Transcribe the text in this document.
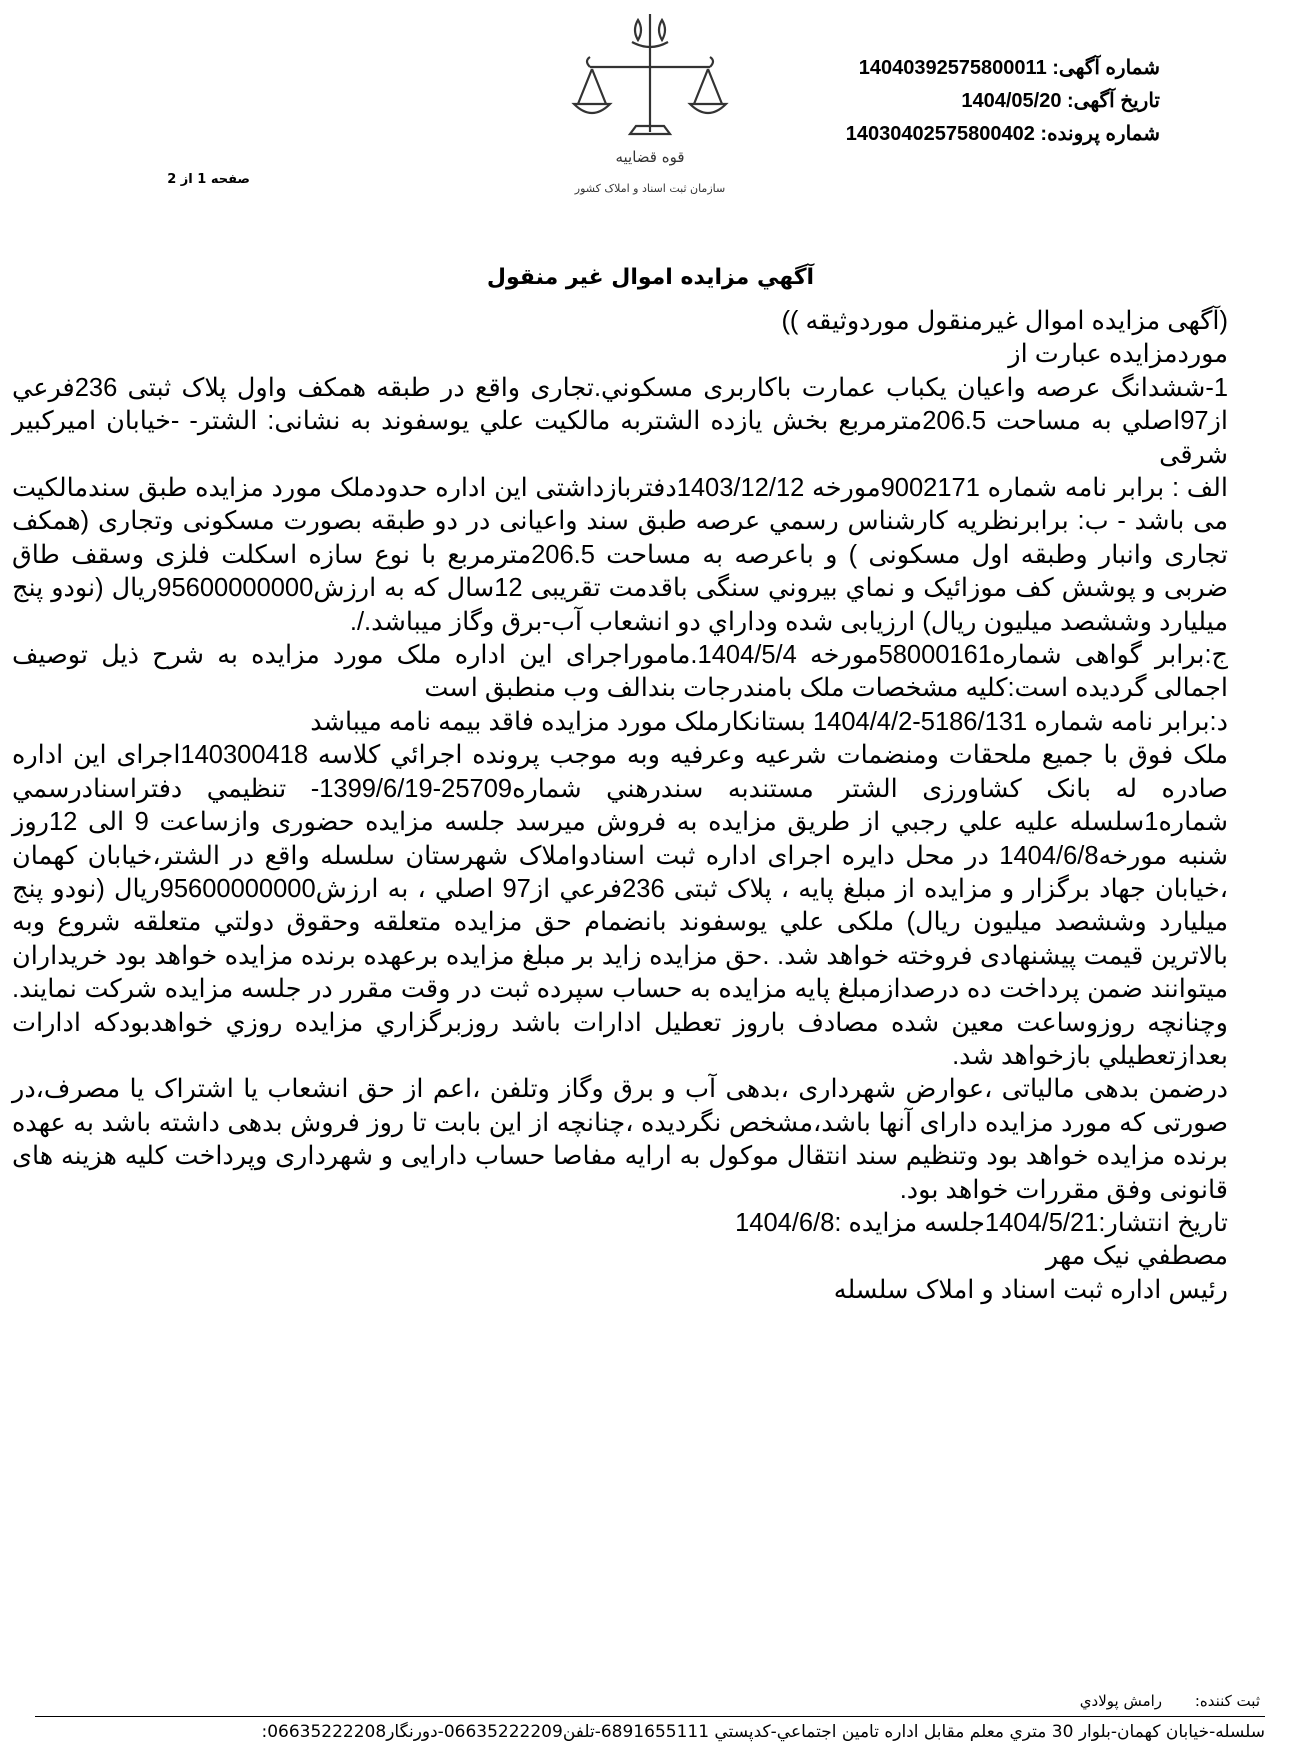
شماره آگهی: 14040392575800011
تاریخ آگهی: 1404/05/20
شماره پرونده: 14030402575800402
صفحه 1 از 2
قوه قضاییه
سازمان ثبت اسناد و املاک کشور
آگهي مزايده اموال غير منقول

(آگهی مزایده اموال غیرمنقول موردوثیقه ))

موردمزایده عبارت از

1-ششدانگ عرصه واعيان يكباب عمارت باكاربری مسکوني.تجاری واقع در طبقه همكف واول پلاک ثبتی 236فرعي از97اصلي به مساحت 206.5مترمربع بخش يازده الشتربه مالكيت علي يوسفوند به نشانی: الشتر- -خيابان اميركبير شرقی

الف : برابر نامه شماره 9002171مورخه 1403/12/12دفتربازداشتی اين اداره حدودملک مورد مزايده طبق سندمالكيت می باشد - ب: برابرنظريه كارشناس رسمي عرصه طبق سند واعيانی در دو طبقه بصورت مسکونی وتجاری (همكف تجاری وانبار وطبقه اول مسكونی ) و باعرصه به مساحت 206.5مترمربع با نوع سازه اسكلت فلزی وسقف طاق ضربی و پوشش كف موزائيک و نماي بيروني سنگی باقدمت تقريبی 12سال كه به ارزش95600000000ريال (نودو پنج ميليارد وششصد ميليون ريال) ارزيابی شده وداراي دو انشعاب آب-برق وگاز ميباشد./.

ج:برابر گواهی شماره58000161مورخه 1404/5/4.ماموراجرای اين اداره ملک مورد مزايده به شرح ذيل توصيف اجمالی گرديده است:كليه مشخصات ملک بامندرجات بندالف وب منطبق است

د:برابر نامه شماره 5186/131-1404/4/2 بستانكارملک مورد مزايده فاقد بيمه نامه ميباشد

ملک فوق با جميع ملحقات ومنضمات شرعيه وعرفيه وبه موجب پرونده اجرائي كلاسه 140300418اجرای اين اداره صادره له بانک كشاورزی الشتر مستندبه سندرهني شماره25709-1399/6/19- تنظيمي دفتراسنادرسمي شماره1سلسله عليه علي رجبي از طريق مزايده به فروش ميرسد جلسه مزايده حضوری وازساعت 9 الی 12روز شنبه مورخه1404/6/8 در محل دايره اجرای اداره ثبت اسنادواملاک شهرستان سلسله واقع در الشتر،خيابان كهمان ،خيابان جهاد برگزار و مزايده از مبلغ پايه ، پلاک ثبتی 236فرعي از97 اصلي ، به ارزش95600000000ريال (نودو پنج ميليارد وششصد ميليون ريال) ملكی علي يوسفوند بانضمام حق مزايده متعلقه وحقوق دولتي متعلقه شروع وبه بالاترين قيمت پيشنهادی فروخته خواهد شد. .حق مزايده زايد بر مبلغ مزايده برعهده برنده مزايده خواهد بود خريداران ميتوانند ضمن پرداخت ده درصدازمبلغ پايه مزايده به حساب سپرده ثبت در وقت مقرر در جلسه مزايده شركت نمايند. وچنانچه روزوساعت معين شده مصادف باروز تعطيل ادارات باشد روزبرگزاري مزايده روزي خواهدبودكه ادارات بعدازتعطيلي بازخواهد شد.

درضمن بدهی مالياتی ،عوارض شهرداری ،بدهی آب و برق وگاز وتلفن ،اعم از حق انشعاب يا اشتراک يا مصرف،در صورتی كه مورد مزايده دارای آنها باشد،مشخص نگرديده ،چنانچه از اين بابت تا روز فروش بدهی داشته باشد به عهده برنده مزايده خواهد بود وتنظيم سند انتقال موكول به ارايه مفاصا حساب دارايی و شهرداری وپرداخت كليه هزينه های قانونی وفق مقررات خواهد بود.

تاريخ انتشار:1404/5/21جلسه مزايده :1404/6/8

مصطفي نيک مهر

رئيس اداره ثبت اسناد و املاک سلسله

ثبت كننده: رامش پولادي
سلسله-خيابان كهمان-بلوار 30 متري معلم مقابل اداره تامين اجتماعي-كدپستي 6891655111-تلفن06635222209-دورنگار06635222208:
